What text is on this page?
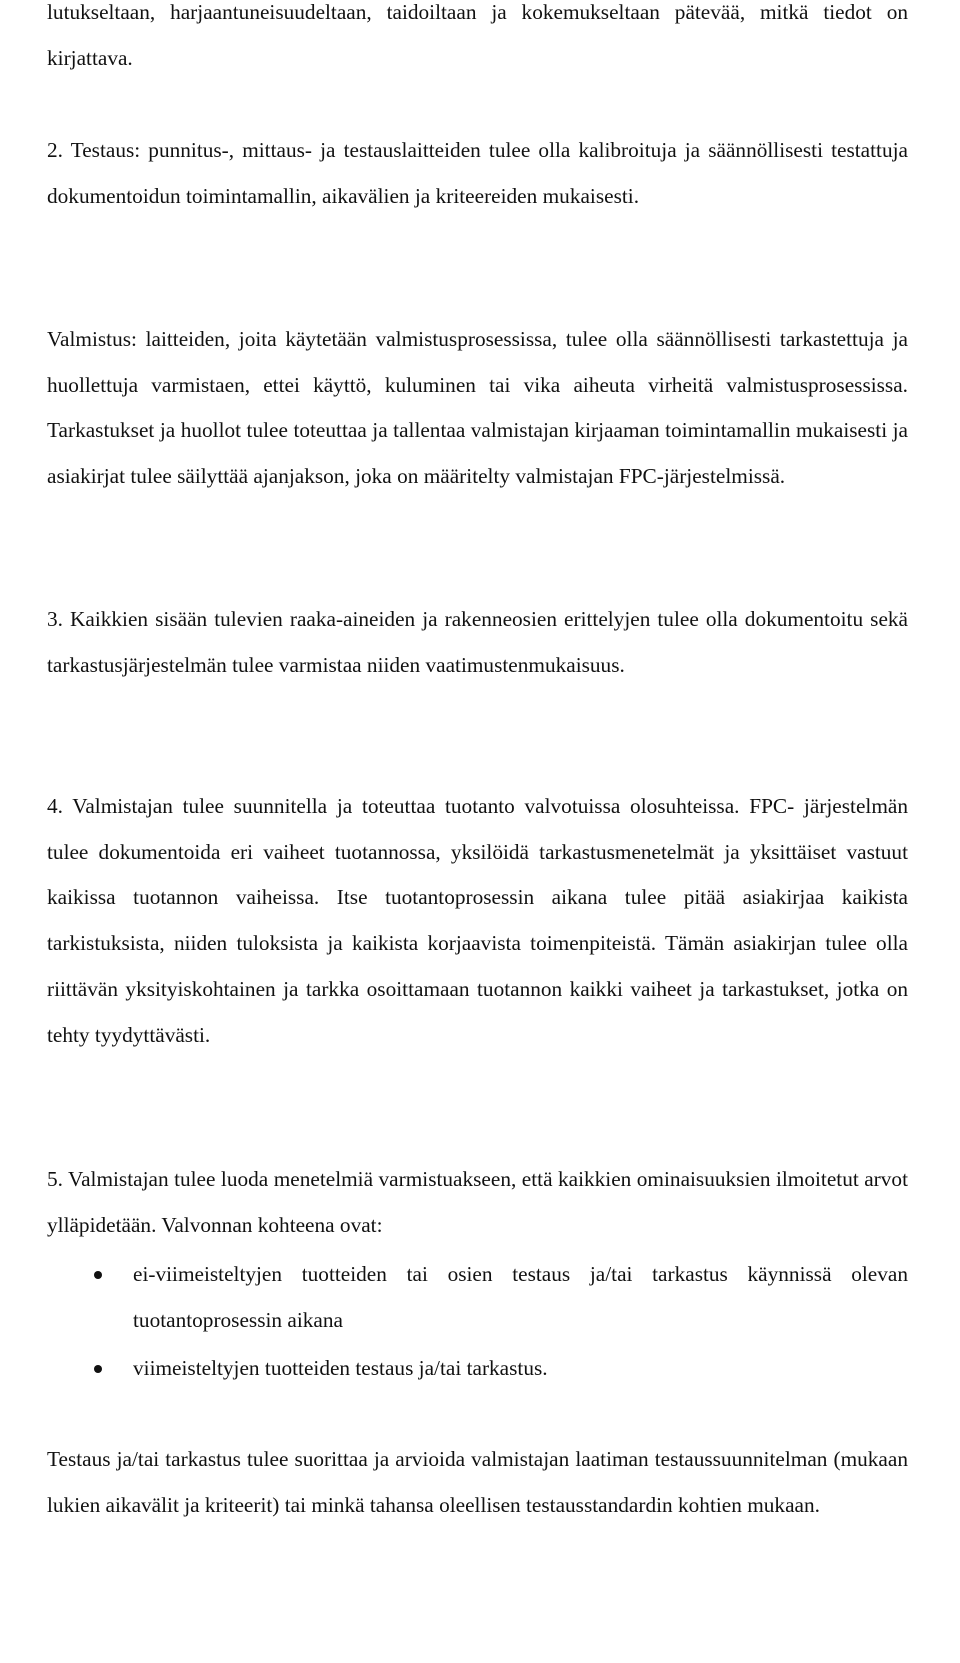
lutukseltaan, harjaantuneisuudeltaan, taidoiltaan ja kokemukseltaan pätevää, mitkä tiedot on kirjattava.

2. Testaus: punnitus-, mittaus- ja testauslaitteiden tulee olla kalibroituja ja säännöllisesti testattuja dokumentoidun toimintamallin, aikavälien ja kriteereiden mukaisesti.

Valmistus: laitteiden, joita käytetään valmistusprosessissa, tulee olla säännöllisesti tarkastettuja ja huollettuja varmistaen, ettei käyttö, kuluminen tai vika aiheuta virheitä valmistusprosessissa. Tarkastukset ja huollot tulee toteuttaa ja tallentaa valmistajan kirjaaman toimintamallin mukaisesti ja asiakirjat tulee säilyttää ajanjakson, joka on määritelty valmistajan FPC-järjestelmissä.

3. Kaikkien sisään tulevien raaka-aineiden ja rakenneosien erittelyjen tulee olla dokumentoitu sekä tarkastusjärjestelmän tulee varmistaa niiden vaatimustenmukaisuus.

4. Valmistajan tulee suunnitella ja toteuttaa tuotanto valvotuissa olosuhteissa. FPC- järjestelmän tulee dokumentoida eri vaiheet tuotannossa, yksilöidä tarkastusmenetelmät ja yksittäiset vastuut kaikissa tuotannon vaiheissa. Itse tuotantoprosessin aikana tulee pitää asiakirjaa kaikista tarkistuksista, niiden tuloksista ja kaikista korjaavista toimenpiteistä. Tämän asiakirjan tulee olla riittävän yksityiskohtainen ja tarkka osoittamaan tuotannon kaikki vaiheet ja tarkastukset, jotka on tehty tyydyttävästi.

5. Valmistajan tulee luoda menetelmiä varmistuakseen, että kaikkien ominaisuuksien ilmoitetut arvot ylläpidetään. Valvonnan kohteena ovat:

ei-viimeisteltyjen tuotteiden tai osien testaus ja/tai tarkastus käynnissä olevan tuotantoprosessin aikana

viimeisteltyjen tuotteiden testaus ja/tai tarkastus.

Testaus ja/tai tarkastus tulee suorittaa ja arvioida valmistajan laatiman testaussuunnitelman (mukaan lukien aikavälit ja kriteerit) tai minkä tahansa oleellisen testausstandardin kohtien mukaan.
